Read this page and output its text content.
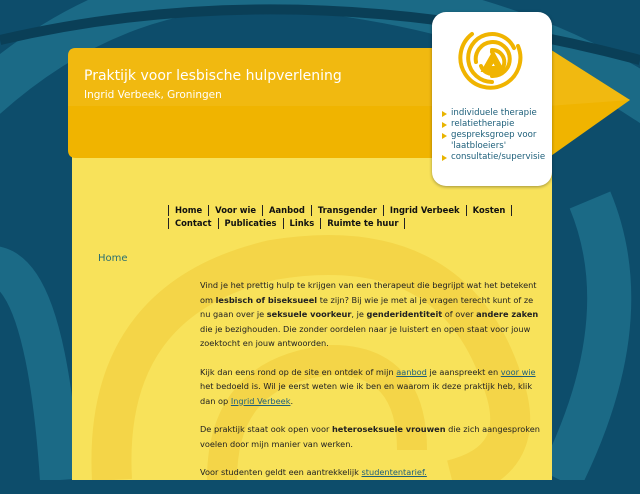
Praktijk voor lesbische hulpverlening
Ingrid Verbeek, Groningen
individuele therapie
relatietherapie
gespreksgroep voor
'laatbloeiers'
consultatie/supervisie
Home	Voor wie	Aanbod	Transgender	Ingrid Verbeek	Kosten
Contact	Publicaties	Links	Ruimte te huur
Home

Vind je het prettig hulp te krijgen van een therapeut die begrijpt wat het betekent om lesbisch of biseksueel te zijn? Bij wie je met al je vragen terecht kunt of ze nu gaan over je seksuele voorkeur, je genderidentiteit of over andere zaken die je bezighouden. Die zonder oordelen naar je luistert en open staat voor jouw zoektocht en jouw antwoorden.

Kijk dan eens rond op de site en ontdek of mijn aanbod je aanspreekt en voor wie het bedoeld is. Wil je eerst weten wie ik ben en waarom ik deze praktijk heb, klik dan op Ingrid Verbeek.

De praktijk staat ook open voor heteroseksuele vrouwen die zich aangesproken voelen door mijn manier van werken.

Voor studenten geldt een aantrekkelijk studententarief.
